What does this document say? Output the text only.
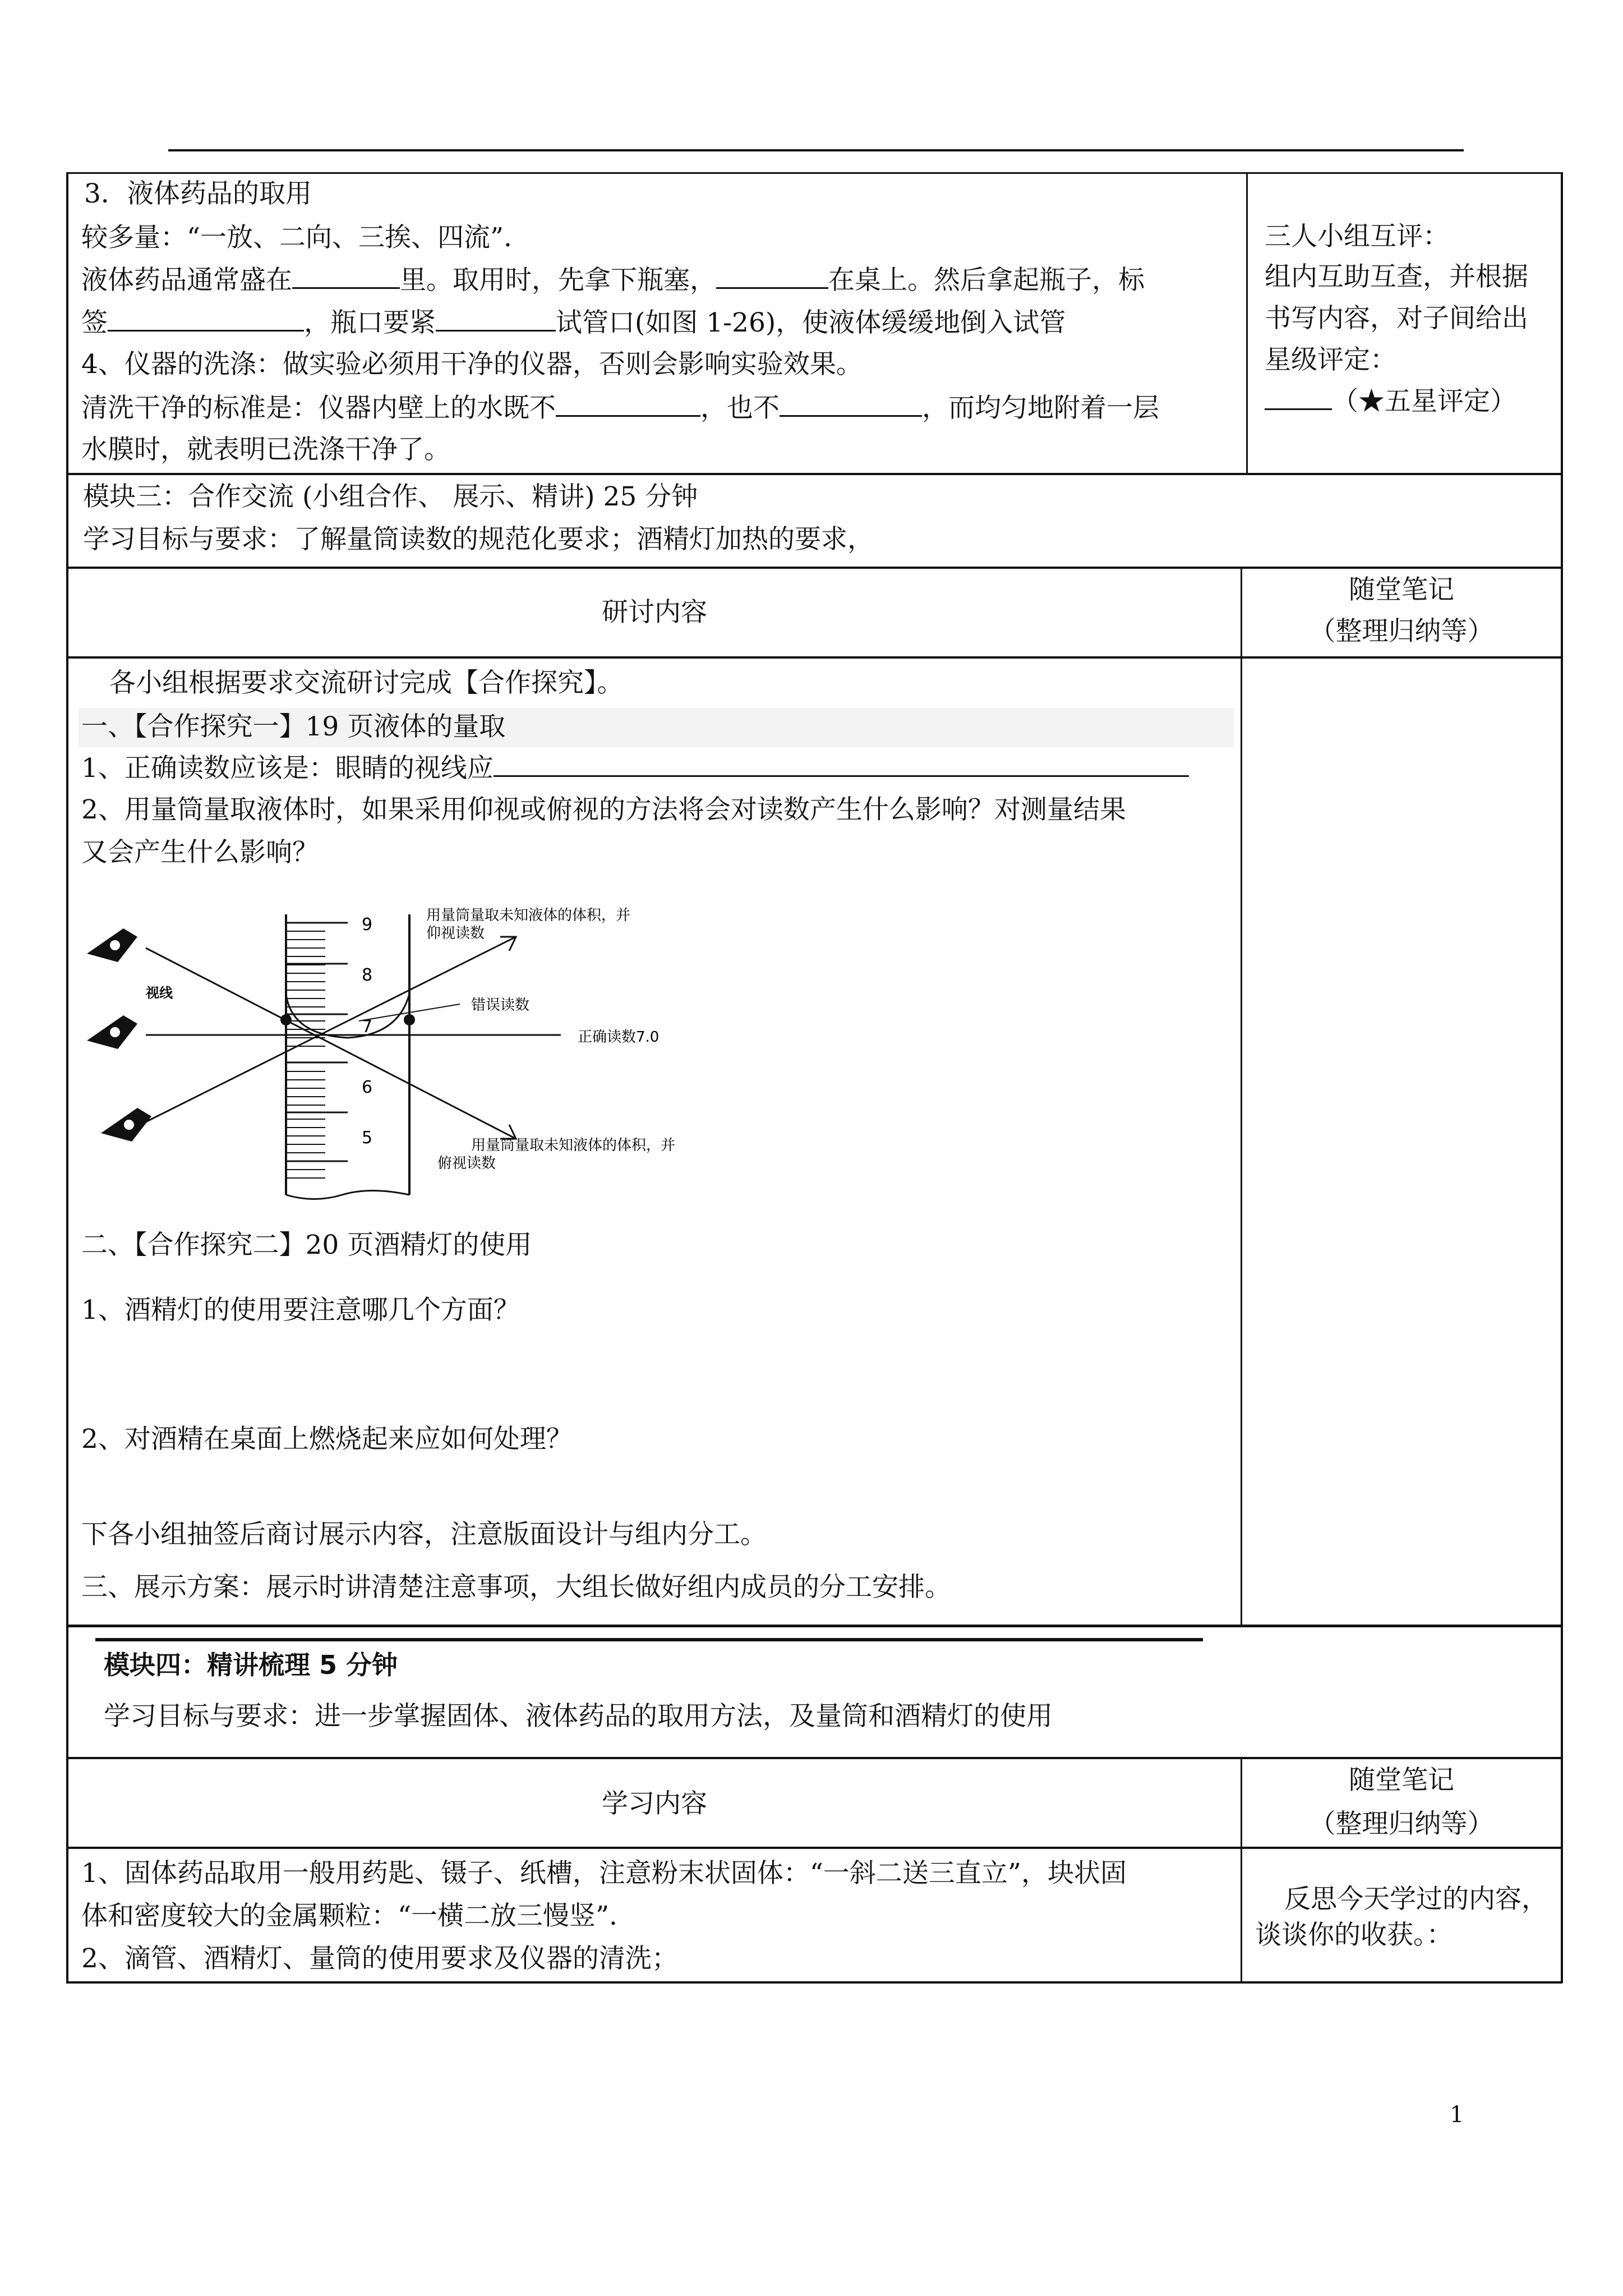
3．液体药品的取用
较多量：“一放、二向、三挨、四流”.
液体药品通常盛在	里。取用时，先拿下瓶塞，	在桌上。然后拿起瓶子，标
签	，瓶口要紧	试管口(如图 1-26)，使液体缓缓地倒入试管
4、仪器的洗涤：做实验必须用干净的仪器，否则会影响实验效果。
清洗干净的标准是：仪器内壁上的水既不	，也不	，而均匀地附着一层
水膜时，就表明已洗涤干净了。
三人小组互评：
组内互助互查，并根据
书写内容，对子间给出
星级评定：
（★五星评定）
模块三：合作交流 (小组合作、 展示、精讲) 25 分钟
学习目标与要求：了解量筒读数的规范化要求；酒精灯加热的要求，
研讨内容
随堂笔记
（整理归纳等）
各小组根据要求交流研讨完成【合作探究】。
一、【合作探究一】19 页液体的量取
1、正确读数应该是：眼睛的视线应
2、用量筒量取液体时，如果采用仰视或俯视的方法将会对读数产生什么影响？对测量结果
又会产生什么影响？
9
8
7
6
5
视线
用量筒量取未知液体的体积，并
仰视读数
错误读数
正确读数7.0
用量筒量取未知液体的体积，并
俯视读数
二、【合作探究二】20 页酒精灯的使用
1、酒精灯的使用要注意哪几个方面？
2、对酒精在桌面上燃烧起来应如何处理？
下各小组抽签后商讨展示内容，注意版面设计与组内分工。
三、展示方案：展示时讲清楚注意事项，大组长做好组内成员的分工安排。
模块四：精讲梳理 5 分钟
学习目标与要求：进一步掌握固体、液体药品的取用方法，及量筒和酒精灯的使用
学习内容
随堂笔记
（整理归纳等）
1、固体药品取用一般用药匙、镊子、纸槽，注意粉末状固体：“一斜二送三直立”，块状固
体和密度较大的金属颗粒：“一横二放三慢竖”.
2、滴管、酒精灯、量筒的使用要求及仪器的清洗；
反思今天学过的内容，
谈谈你的收获。：
1
